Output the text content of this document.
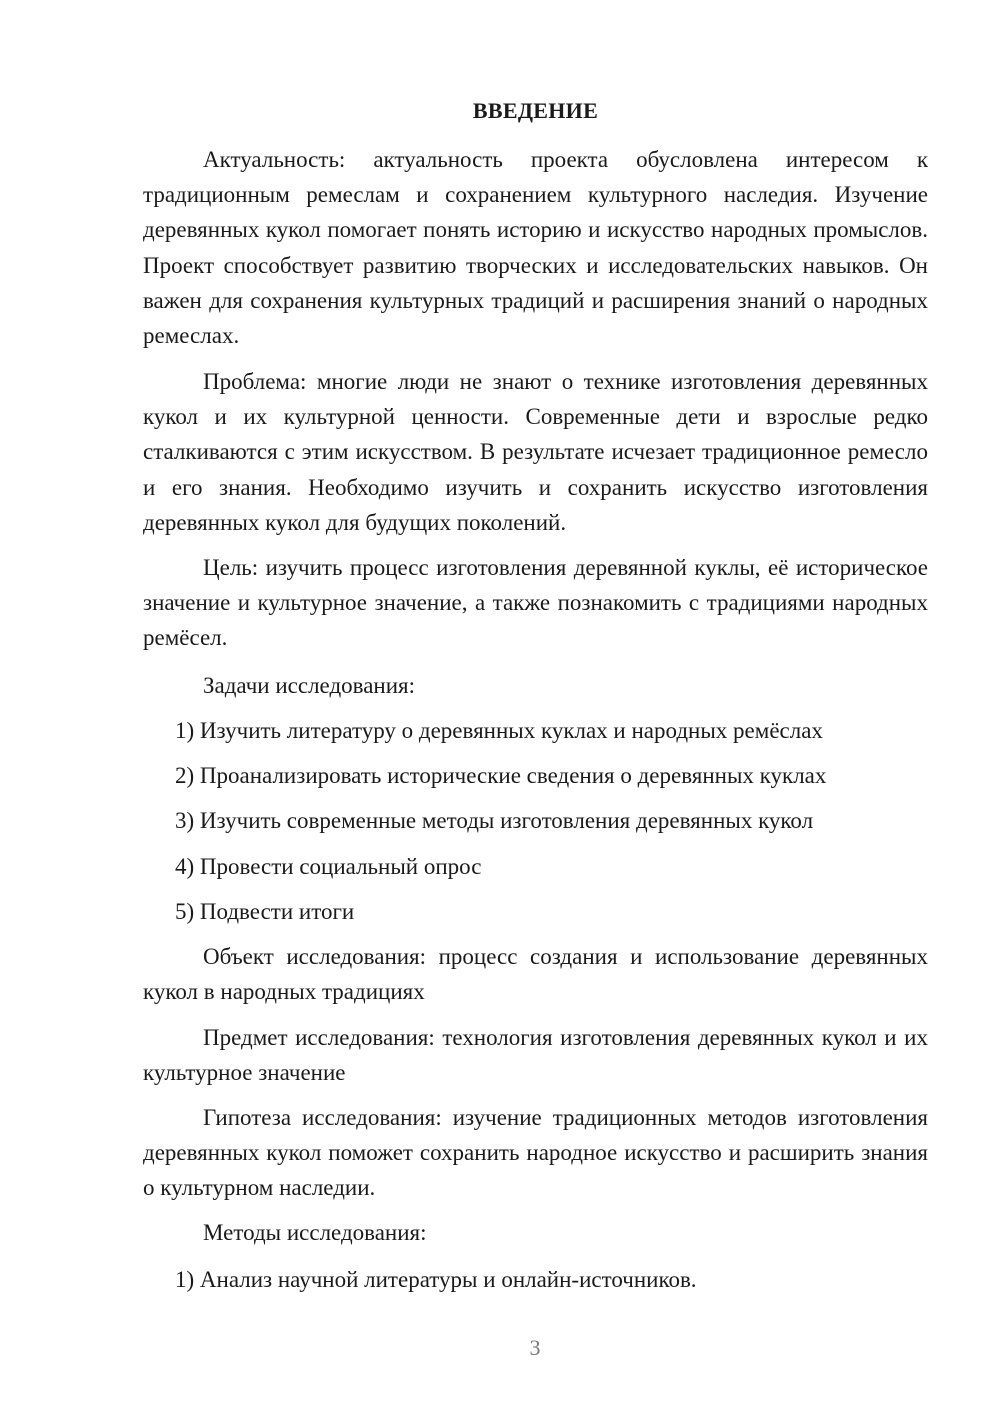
ВВЕДЕНИЕ

Актуальность: актуальность проекта обусловлена интересом к традиционным ремеслам и сохранением культурного наследия. Изучение деревянных кукол помогает понять историю и искусство народных промыслов. Проект способствует развитию творческих и исследовательских навыков. Он важен для сохранения культурных традиций и расширения знаний о народных ремеслах.

Проблема: многие люди не знают о технике изготовления деревянных кукол и их культурной ценности. Современные дети и взрослые редко сталкиваются с этим искусством. В результате исчезает традиционное ремесло и его знания. Необходимо изучить и сохранить искусство изготовления деревянных кукол для будущих поколений.

Цель: изучить процесс изготовления деревянной куклы, её историческое значение и культурное значение, а также познакомить с традициями народных ремёсел.

Задачи исследования:

1) Изучить литературу о деревянных куклах и народных ремёслах

2) Проанализировать исторические сведения о деревянных куклах

3) Изучить современные методы изготовления деревянных кукол

4) Провести социальный опрос

5) Подвести итоги

Объект исследования: процесс создания и использование деревянных кукол в народных традициях

Предмет исследования: технология изготовления деревянных кукол и их культурное значение

Гипотеза исследования: изучение традиционных методов изготовления деревянных кукол поможет сохранить народное искусство и расширить знания о культурном наследии.

Методы исследования:

1) Анализ научной литературы и онлайн-источников.

3
